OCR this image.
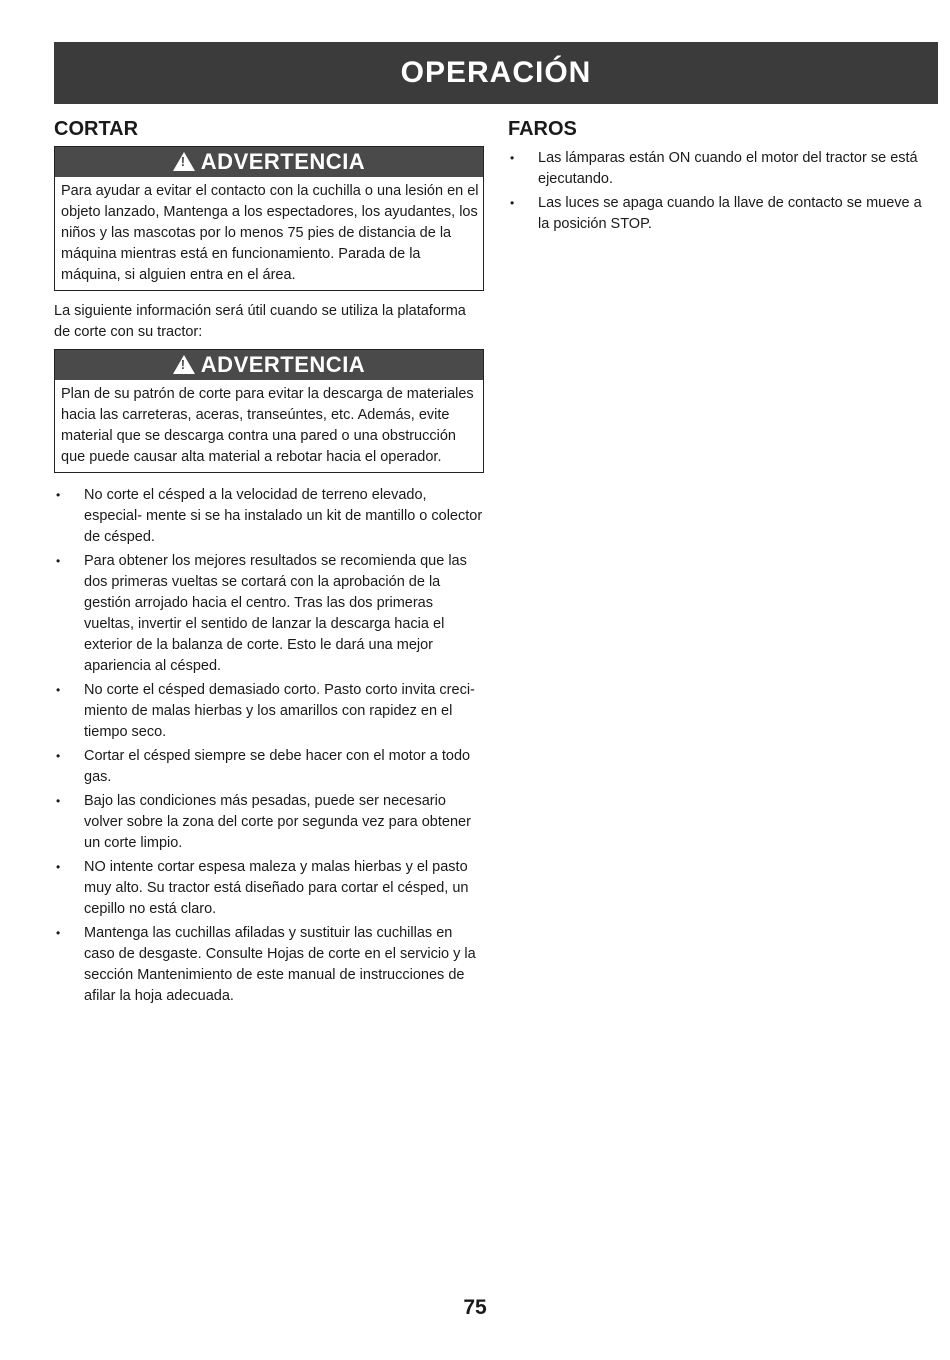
OPERACIÓN
CORTAR
!
ADVERTENCIA
Para ayudar a evitar el contacto con la cuchilla o una lesión en el objeto lanzado, Mantenga a los espectadores, los ayudantes, los niños y las mascotas por lo menos 75 pies de distancia de la máquina mientras está en funcionamiento. Parada de la máquina, si alguien entra en el área.

La siguiente información será útil cuando se utiliza la plataforma de corte con su tractor:

!
ADVERTENCIA
Plan de su patrón de corte para evitar la descarga de materiales hacia las carreteras, aceras, transeúntes, etc. Además, evite material que se descarga contra una pared o una obstrucción que puede causar alta material a rebotar hacia el operador.
• No corte el césped a la velocidad de terreno elevado, especial- mente si se ha instalado un kit de mantillo o colector de césped.
• Para obtener los mejores resultados se recomienda que las dos primeras vueltas se cortará con la aprobación de la gestión arrojado hacia el centro. Tras las dos primeras vueltas, invertir el sentido de lanzar la descarga hacia el exterior de la balanza de corte. Esto le dará una mejor apariencia al césped.
• No corte el césped demasiado corto. Pasto corto invita creci- miento de malas hierbas y los amarillos con rapidez en el tiempo seco.
• Cortar el césped siempre se debe hacer con el motor a todo gas.
• Bajo las condiciones más pesadas, puede ser necesario volver sobre la zona del corte por segunda vez para obtener un corte limpio.
• NO intente cortar espesa maleza y malas hierbas y el pasto muy alto. Su tractor está diseñado para cortar el césped, un cepillo no está claro.
• Mantenga las cuchillas afiladas y sustituir las cuchillas en caso de desgaste. Consulte Hojas de corte en el servicio y la sección Mantenimiento de este manual de instrucciones de afilar la hoja adecuada.
FAROS
• Las lámparas están ON cuando el motor del tractor se está ejecutando.
• Las luces se apaga cuando la llave de contacto se mueve a la posición STOP.
75
